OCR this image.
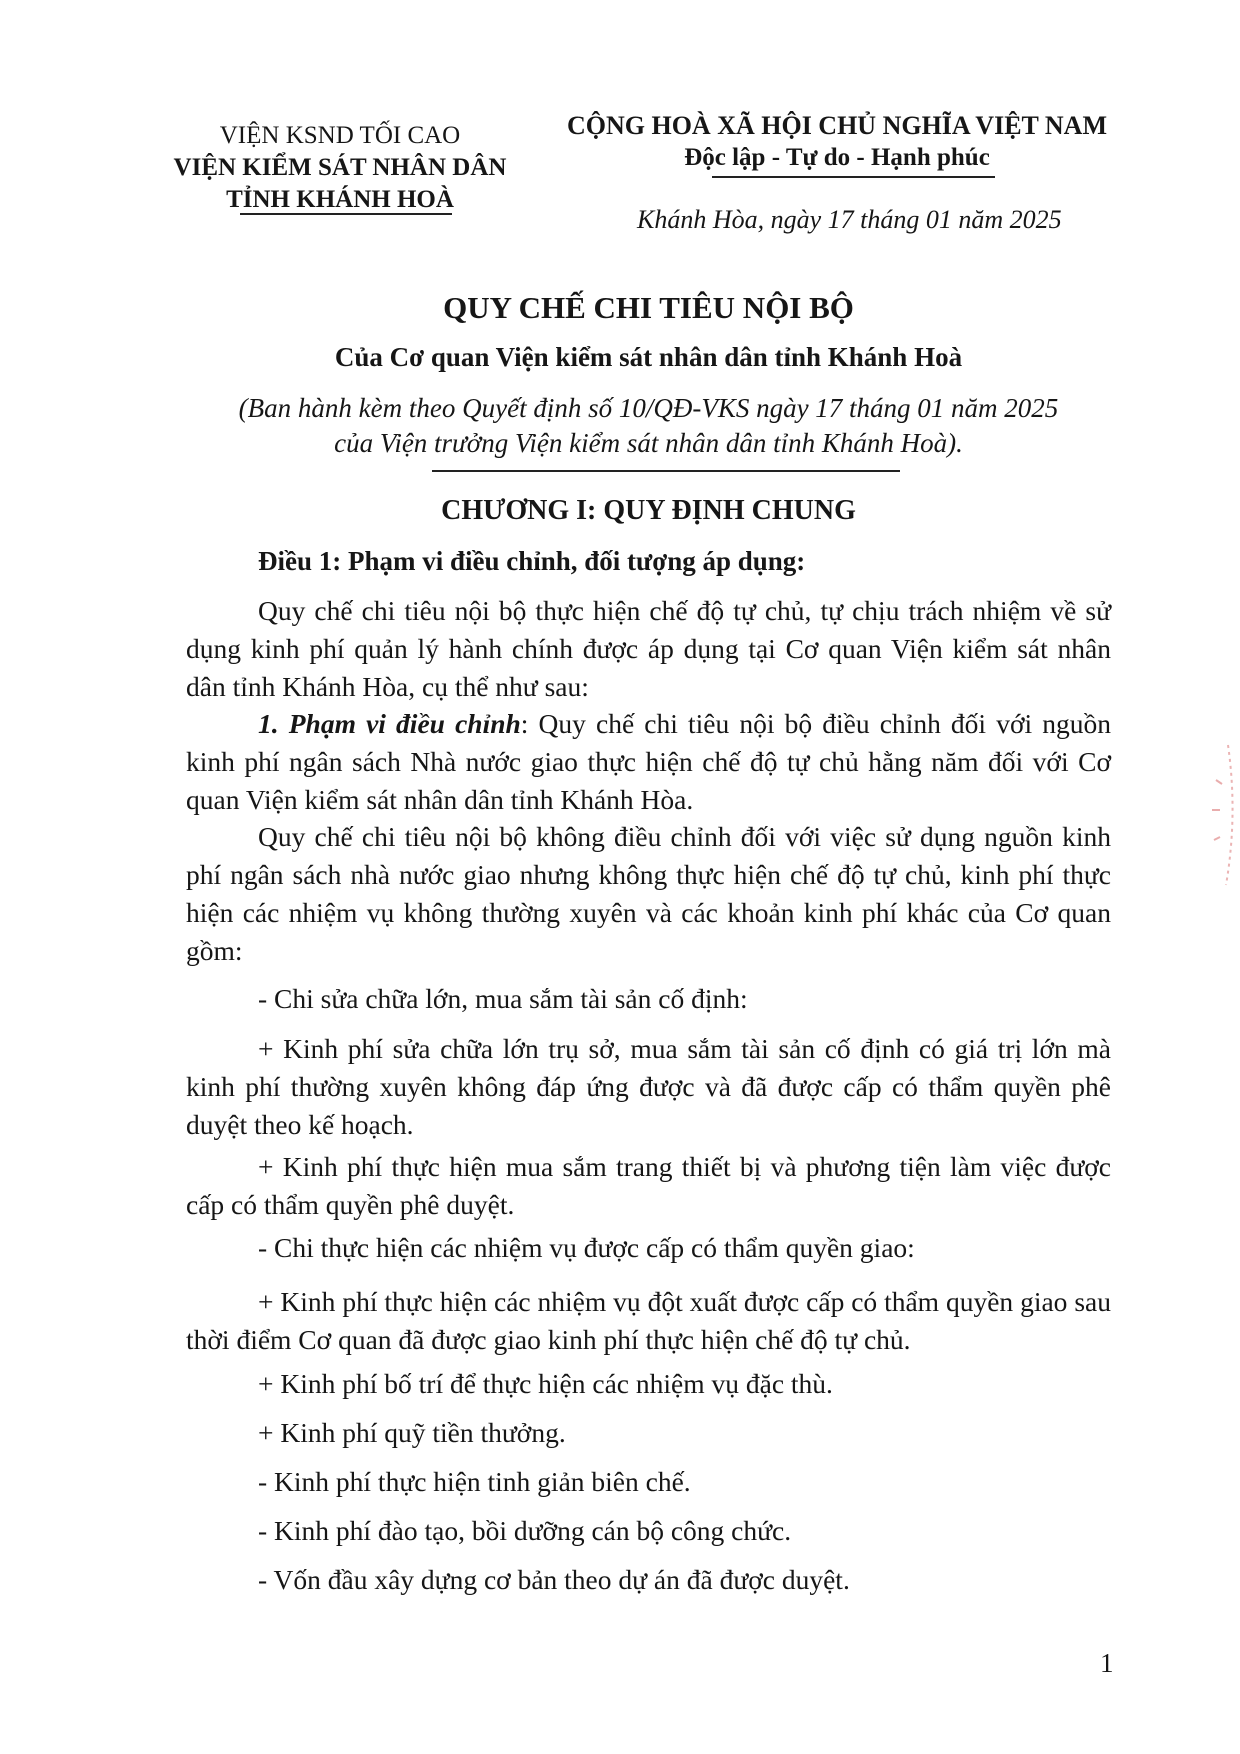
VIỆN KSND TỐI CAO
VIỆN KIỂM SÁT NHÂN DÂN
TỈNH KHÁNH HOÀ
CỘNG HOÀ XÃ HỘI CHỦ NGHĨA VIỆT NAM
Độc lập - Tự do - Hạnh phúc
Khánh Hòa, ngày 17 tháng 01 năm 2025
QUY CHẾ CHI TIÊU NỘI BỘ
Của Cơ quan Viện kiểm sát nhân dân tỉnh Khánh Hoà
(Ban hành kèm theo Quyết định số 10/QĐ-VKS ngày 17 tháng 01 năm 2025
của Viện trưởng Viện kiểm sát nhân dân tỉnh Khánh Hoà).
CHƯƠNG I: QUY ĐỊNH CHUNG
Điều 1: Phạm vi điều chỉnh, đối tượng áp dụng:
Quy chế chi tiêu nội bộ thực hiện chế độ tự chủ, tự chịu trách nhiệm về sử dụng kinh phí quản lý hành chính được áp dụng tại Cơ quan Viện kiểm sát nhân dân tỉnh Khánh Hòa, cụ thể như sau:
1. Phạm vi điều chỉnh: Quy chế chi tiêu nội bộ điều chỉnh đối với nguồn kinh phí ngân sách Nhà nước giao thực hiện chế độ tự chủ hằng năm đối với Cơ quan Viện kiểm sát nhân dân tỉnh Khánh Hòa.
Quy chế chi tiêu nội bộ không điều chỉnh đối với việc sử dụng nguồn kinh phí ngân sách nhà nước giao nhưng không thực hiện chế độ tự chủ, kinh phí thực hiện các nhiệm vụ không thường xuyên và các khoản kinh phí khác của Cơ quan gồm:
- Chi sửa chữa lớn, mua sắm tài sản cố định:
+ Kinh phí sửa chữa lớn trụ sở, mua sắm tài sản cố định có giá trị lớn mà kinh phí thường xuyên không đáp ứng được và đã được cấp có thẩm quyền phê duyệt theo kế hoạch.
+ Kinh phí thực hiện mua sắm trang thiết bị và phương tiện làm việc được cấp có thẩm quyền phê duyệt.
- Chi thực hiện các nhiệm vụ được cấp có thẩm quyền giao:
+ Kinh phí thực hiện các nhiệm vụ đột xuất được cấp có thẩm quyền giao sau thời điểm Cơ quan đã được giao kinh phí thực hiện chế độ tự chủ.
+ Kinh phí bố trí để thực hiện các nhiệm vụ đặc thù.
+ Kinh phí quỹ tiền thưởng.
- Kinh phí thực hiện tinh giản biên chế.
- Kinh phí đào tạo, bồi dưỡng cán bộ công chức.
- Vốn đầu xây dựng cơ bản theo dự án đã được duyệt.
1
